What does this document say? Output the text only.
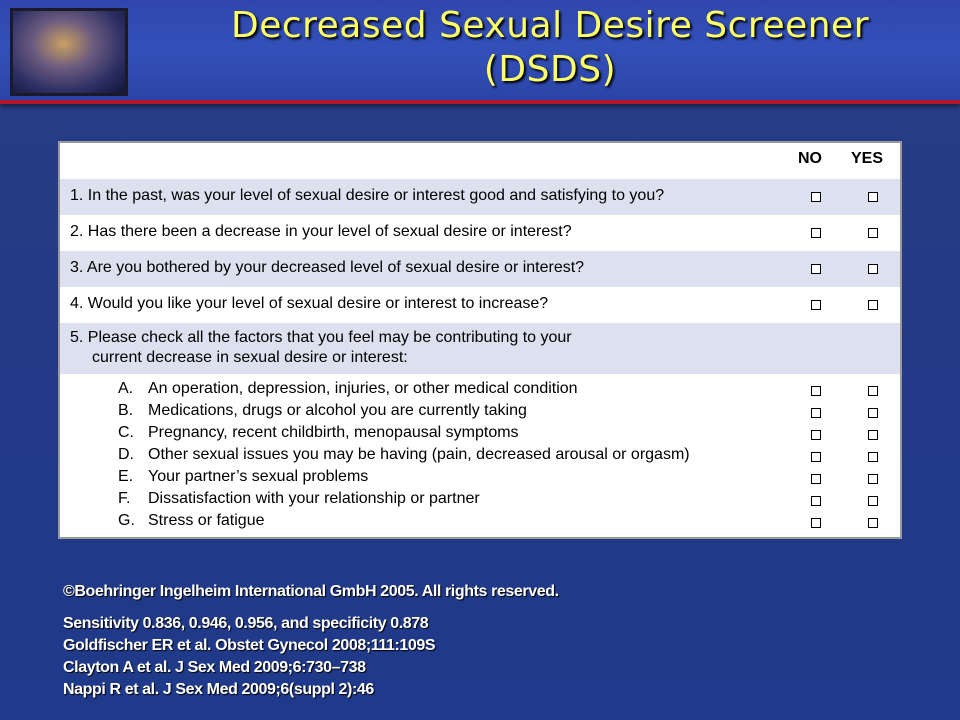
Decreased Sexual Desire Screener
(DSDS)
NO YES
1. In the past, was your level of sexual desire or interest good and satisfying to you?
2. Has there been a decrease in your level of sexual desire or interest?
3. Are you bothered by your decreased level of sexual desire or interest?
4. Would you like your level of sexual desire or interest to increase?
5. Please check all the factors that you feel may be contributing to your
current decrease in sexual desire or interest:
A. An operation, depression, injuries, or other medical condition
B. Medications, drugs or alcohol you are currently taking
C. Pregnancy, recent childbirth, menopausal symptoms
D. Other sexual issues you may be having (pain, decreased arousal or orgasm)
E. Your partner’s sexual problems
F. Dissatisfaction with your relationship or partner
G. Stress or fatigue
©Boehringer Ingelheim International GmbH 2005. All rights reserved.
Sensitivity 0.836, 0.946, 0.956, and specificity 0.878
Goldfischer ER et al. Obstet Gynecol 2008;111:109S
Clayton A et al. J Sex Med 2009;6:730–738
Nappi R et al. J Sex Med 2009;6(suppl 2):46
